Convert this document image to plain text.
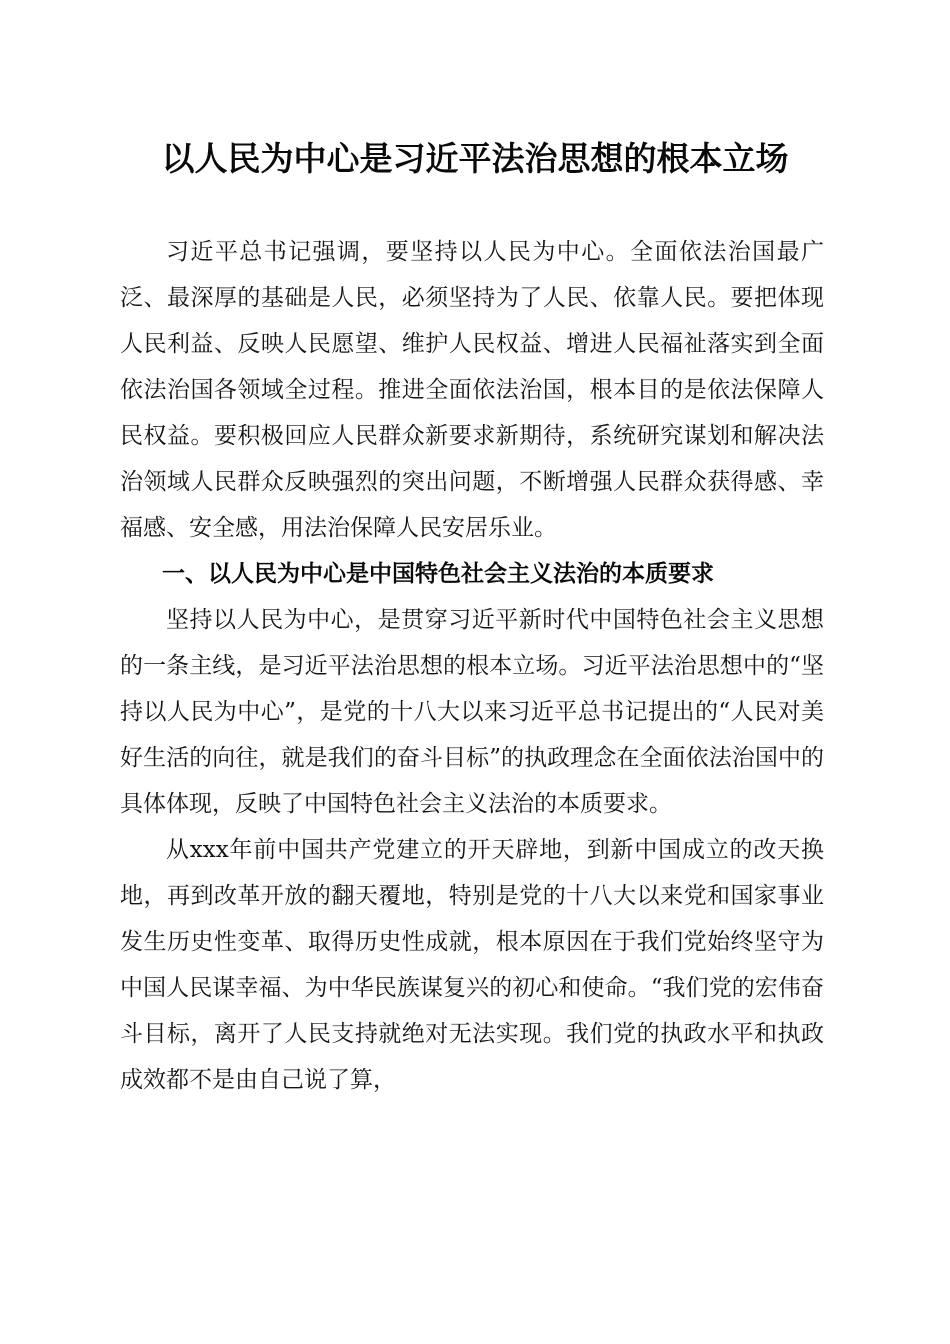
以人民为中心是习近平法治思想的根本立场

习近平总书记强调，要坚持以人民为中心。全面依法治国最广泛、最深厚的基础是人民，必须坚持为了人民、依靠人民。要把体现人民利益、反映人民愿望、维护人民权益、增进人民福祉落实到全面依法治国各领域全过程。推进全面依法治国，根本目的是依法保障人民权益。要积极回应人民群众新要求新期待，系统研究谋划和解决法治领域人民群众反映强烈的突出问题，不断增强人民群众获得感、幸福感、安全感，用法治保障人民安居乐业。

一、以人民为中心是中国特色社会主义法治的本质要求

坚持以人民为中心，是贯穿习近平新时代中国特色社会主义思想的一条主线，是习近平法治思想的根本立场。习近平法治思想中的“坚持以人民为中心”，是党的十八大以来习近平总书记提出的“人民对美好生活的向往，就是我们的奋斗目标”的执政理念在全面依法治国中的具体体现，反映了中国特色社会主义法治的本质要求。

从xxx年前中国共产党建立的开天辟地，到新中国成立的改天换地，再到改革开放的翻天覆地，特别是党的十八大以来党和国家事业发生历史性变革、取得历史性成就，根本原因在于我们党始终坚守为中国人民谋幸福、为中华民族谋复兴的初心和使命。“我们党的宏伟奋斗目标，离开了人民支持就绝对无法实现。我们党的执政水平和执政成效都不是由自己说了算，
